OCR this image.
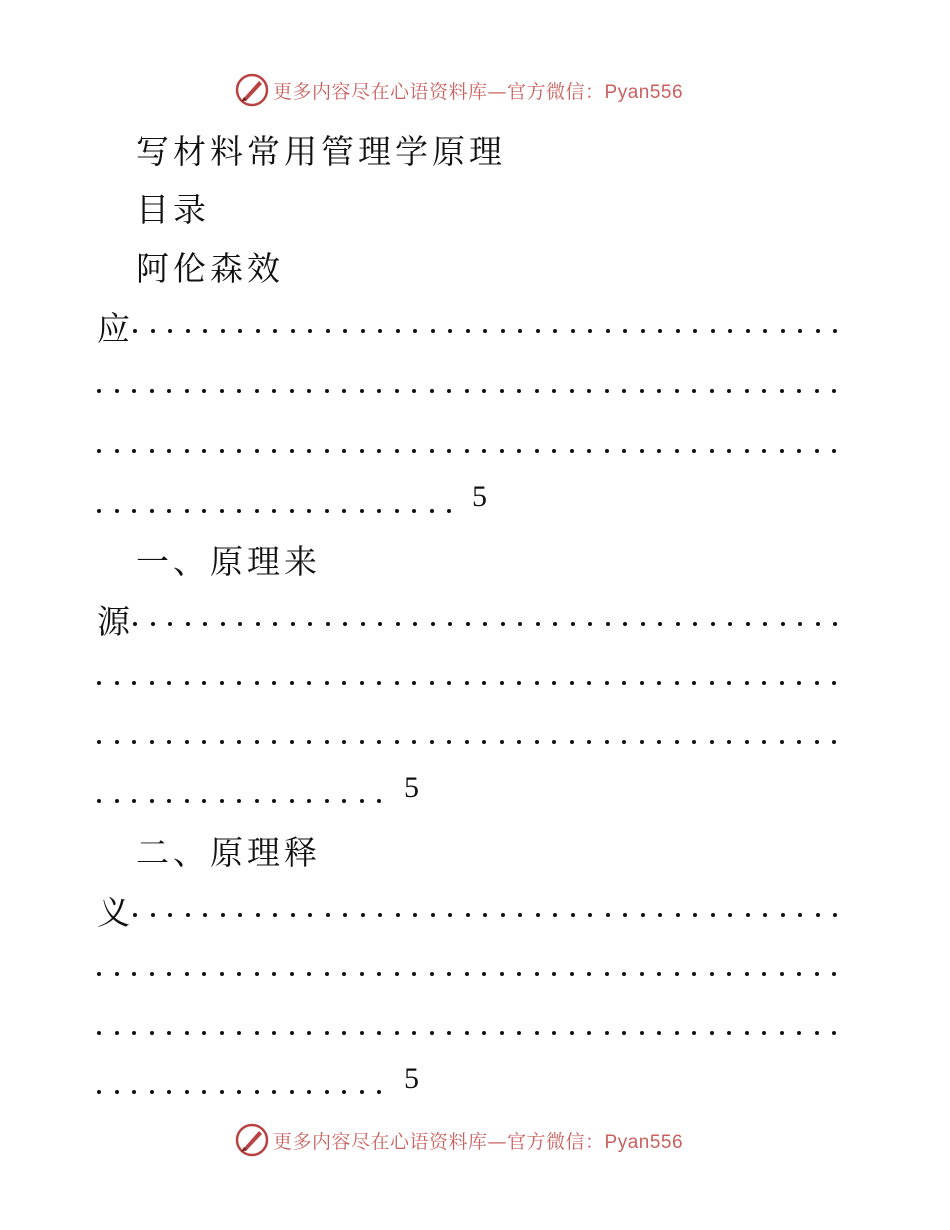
更多内容尽在心语资料库—官方微信：Pyan556
写材料常用管理学原理
目录
阿伦森效
应
5
一、原理来
源
5
二、原理释
义
5
更多内容尽在心语资料库—官方微信：Pyan556
